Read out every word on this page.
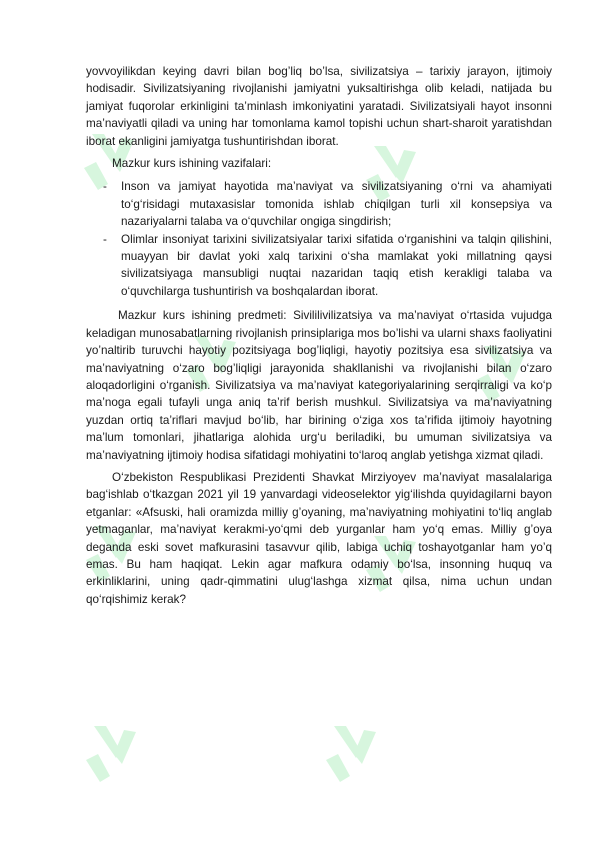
yovvoyilikdan keying davri bilan bog’liq bo’lsa, sivilizatsiya – tarixiy jarayon, ijtimoiy hodisadir. Sivilizatsiyaning rivojlanishi jamiyatni yuksaltirishga olib keladi, natijada bu jamiyat fuqorolar erkinligini ta’minlash imkoniyatini yaratadi. Sivilizatsiyali hayot insonni ma’naviyatli qiladi va uning har tomonlama kamol topishi uchun shart-sharoit yaratishdan iborat ekanligini jamiyatga tushuntirishdan iborat.

Mazkur kurs ishining vazifalari:

- Inson va jamiyat hayotida ma’naviyat va sivilizatsiyaning o‘rni va ahamiyati to‘g‘risidagi mutaxasislar tomonida ishlab chiqilgan turli xil konsepsiya va nazariyalarni talaba va o‘quvchilar ongiga singdirish;
- Olimlar insoniyat tarixini sivilizatsiyalar tarixi sifatida o‘rganishini va talqin qilishini, muayyan bir davlat yoki xalq tarixini o‘sha mamlakat yoki millatning qaysi sivilizatsiyaga mansubligi nuqtai nazaridan taqiq etish kerakligi talaba va o‘quvchilarga tushuntirish va boshqalardan iborat.

Mazkur kurs ishining predmeti: Sivililivilizatsiya va ma’naviyat o‘rtasida vujudga keladigan munosabatlarning rivojlanish prinsiplariga mos bo’lishi va ularni shaxs faoliyatini yo’naltirib turuvchi hayotiy pozitsiyaga bog’liqligi, hayotiy pozitsiya esa sivilizatsiya va ma’naviyatning o‘zaro bog’liqligi jarayonida shakllanishi va rivojlanishi bilan o‘zaro aloqadorligini o‘rganish. Sivilizatsiya va ma’naviyat kategoriyalarining serqirraligi va ko‘p ma’noga egali tufayli unga aniq ta’rif berish mushkul. Sivilizatsiya va ma’naviyatning yuzdan ortiq ta’riflari mavjud bo‘lib, har birining o‘ziga xos ta’rifida ijtimoiy hayotning ma’lum tomonlari, jihatlariga alohida urg‘u beriladiki, bu umuman sivilizatsiya va ma’naviyatning ijtimoiy hodisa sifatidagi mohiyatini to‘laroq anglab yetishga xizmat qiladi.

O‘zbekiston Respublikasi Prezidenti Shavkat Mirziyoyev ma’naviyat masalalariga bag‘ishlab o‘tkazgan 2021 yil 19 yanvardagi videoselektor yig‘ilishda quyidagilarni bayon etganlar: «Afsuski, hali oramizda milliy g’oyaning, ma’naviyatning mohiyatini to‘liq anglab yetmaganlar, ma’naviyat kerakmi-yo‘qmi deb yurganlar ham yo‘q emas. Milliy g’oya deganda eski sovet mafkurasini tasavvur qilib, labiga uchiq toshayotganlar ham yo’q emas. Bu ham haqiqat. Lekin agar mafkura odamiy bo‘lsa, insonning huquq va erkinliklarini, uning qadr-qimmatini ulug‘lashga xizmat qilsa, nima uchun undan qo‘rqishimiz kerak?
